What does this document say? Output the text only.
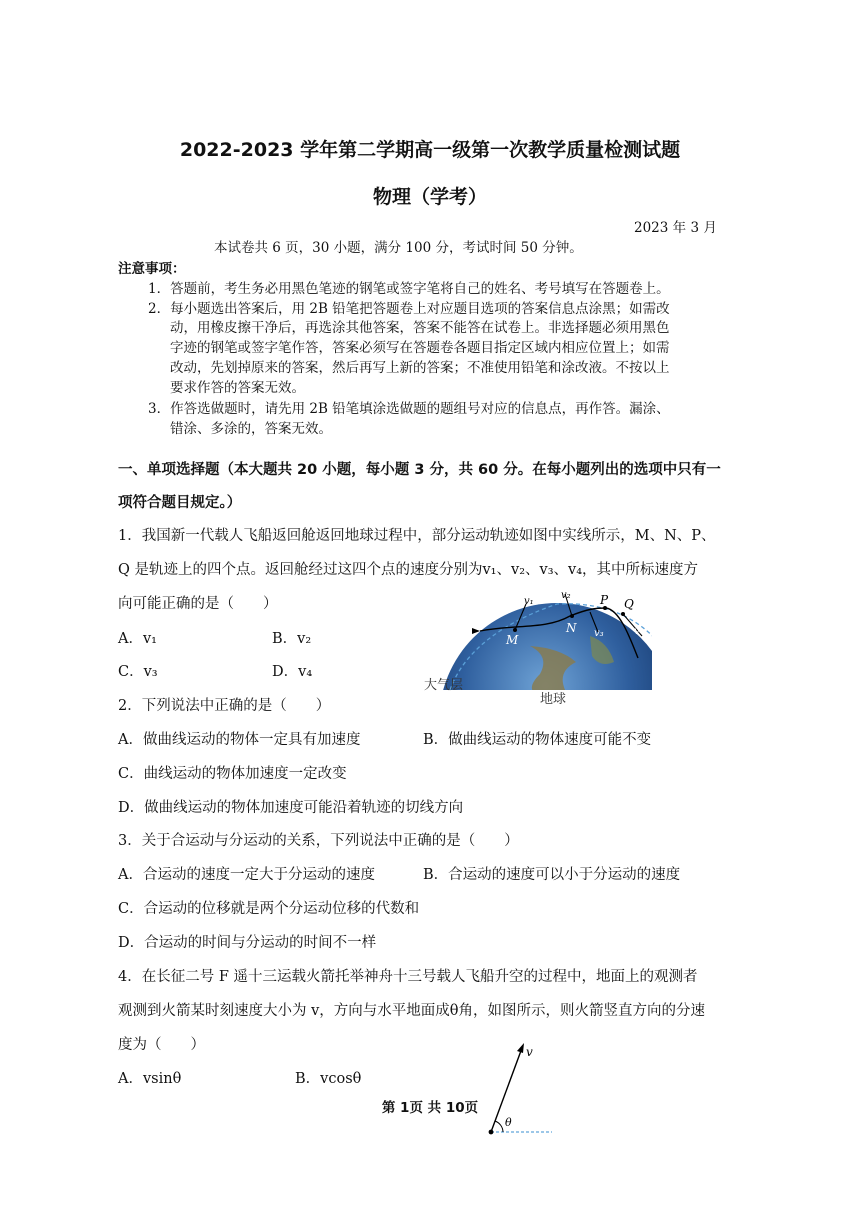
2022-2023 学年第二学期高一级第一次教学质量检测试题
物理（学考）
2023 年 3 月
本试卷共 6 页，30 小题，满分 100 分，考试时间 50 分钟。
注意事项：
1．答题前，考生务必用黑色笔迹的钢笔或签字笔将自己的姓名、考号填写在答题卷上。
2．每小题选出答案后，用 2B 铅笔把答题卷上对应题目选项的答案信息点涂黑；如需改
动，用橡皮擦干净后，再选涂其他答案，答案不能答在试卷上。非选择题必须用黑色
字迹的钢笔或签字笔作答，答案必须写在答题卷各题目指定区域内相应位置上；如需
改动，先划掉原来的答案，然后再写上新的答案；不准使用铅笔和涂改液。不按以上
要求作答的答案无效。
3．作答选做题时，请先用 2B 铅笔填涂选做题的题组号对应的信息点，再作答。漏涂、
错涂、多涂的，答案无效。
一、单项选择题（本大题共 20 小题，每小题 3 分，共 60 分。在每小题列出的选项中只有一
项符合题目规定。）
1．我国新一代载人飞船返回舱返回地球过程中，部分运动轨迹如图中实线所示，M、N、P、
Q 是轨迹上的四个点。返回舱经过这四个点的速度分别为v₁、v₂、v₃、v₄，其中所标速度方
向可能正确的是（　　）
A．v₁	B．v₂
C．v₃	D．v₄
M
N
P Q
v₁
v₂
v₃	v₄
大气层
地球
2．下列说法中正确的是（　　）
A．做曲线运动的物体一定具有加速度	B．做曲线运动的物体速度可能不变
C．曲线运动的物体加速度一定改变
D．做曲线运动的物体加速度可能沿着轨迹的切线方向
3．关于合运动与分运动的关系，下列说法中正确的是（　　）
A．合运动的速度一定大于分运动的速度	B．合运动的速度可以小于分运动的速度
C．合运动的位移就是两个分运动位移的代数和
D．合运动的时间与分运动的时间不一样
4．在长征二号 F 遥十三运载火箭托举神舟十三号载人飞船升空的过程中，地面上的观测者
观测到火箭某时刻速度大小为 v，方向与水平地面成θ角，如图所示，则火箭竖直方向的分速
度为（　　）
A．vsinθ	B．vcosθ
v
θ
第 1页 共 10页
